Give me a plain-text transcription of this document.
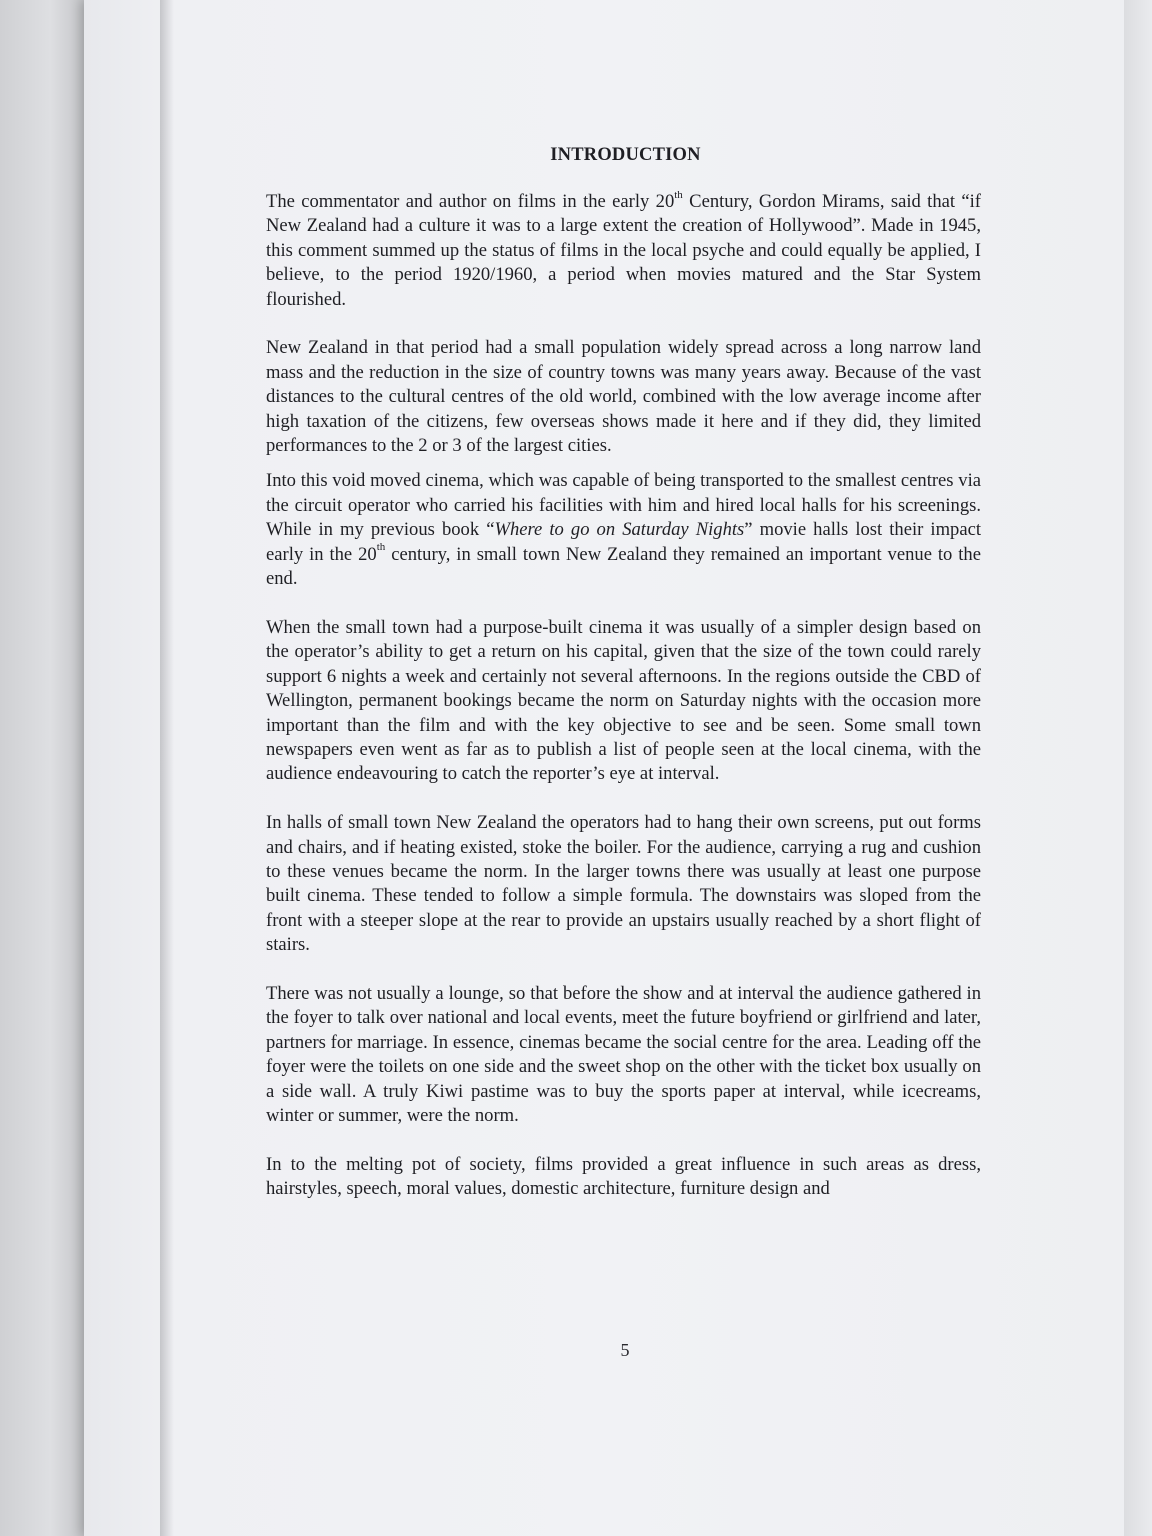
INTRODUCTION

The commentator and author on films in the early 20th Century, Gordon Mirams, said that “if New Zealand had a culture it was to a large extent the creation of Hollywood”. Made in 1945, this comment summed up the status of films in the local psyche and could equally be applied, I believe, to the period 1920/1960, a period when movies matured and the Star System flourished.

New Zealand in that period had a small population widely spread across a long narrow land mass and the reduction in the size of country towns was many years away. Because of the vast distances to the cultural centres of the old world, combined with the low average income after high taxation of the citizens, few overseas shows made it here and if they did, they limited performances to the 2 or 3 of the largest cities.

Into this void moved cinema, which was capable of being transported to the smallest centres via the circuit operator who carried his facilities with him and hired local halls for his screenings. While in my previous book “Where to go on Saturday Nights” movie halls lost their impact early in the 20th century, in small town New Zealand they remained an important venue to the end.

When the small town had a purpose-built cinema it was usually of a simpler design based on the operator’s ability to get a return on his capital, given that the size of the town could rarely support 6 nights a week and certainly not several afternoons. In the regions outside the CBD of Wellington, permanent bookings became the norm on Saturday nights with the occasion more important than the film and with the key objective to see and be seen. Some small town newspapers even went as far as to publish a list of people seen at the local cinema, with the audience endeavouring to catch the reporter’s eye at interval.

In halls of small town New Zealand the operators had to hang their own screens, put out forms and chairs, and if heating existed, stoke the boiler. For the audience, carrying a rug and cushion to these venues became the norm. In the larger towns there was usually at least one purpose built cinema. These tended to follow a simple formula. The downstairs was sloped from the front with a steeper slope at the rear to provide an upstairs usually reached by a short flight of stairs.

There was not usually a lounge, so that before the show and at interval the audience gathered in the foyer to talk over national and local events, meet the future boyfriend or girlfriend and later, partners for marriage. In essence, cinemas became the social centre for the area. Leading off the foyer were the toilets on one side and the sweet shop on the other with the ticket box usually on a side wall. A truly Kiwi pastime was to buy the sports paper at interval, while icecreams, winter or summer, were the norm.

In to the melting pot of society, films provided a great influence in such areas as dress, hairstyles, speech, moral values, domestic architecture, furniture design and

5
